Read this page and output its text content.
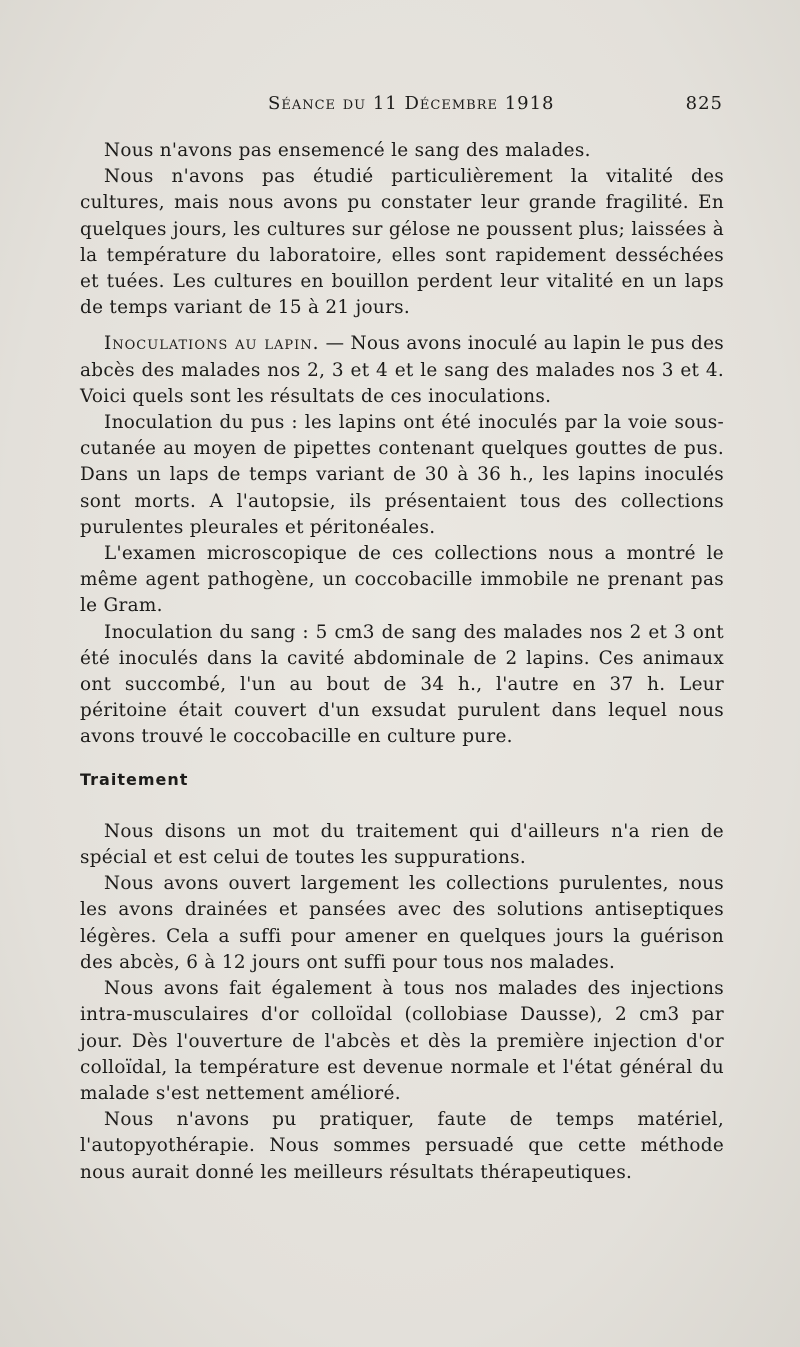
Séance du 11 Décembre 1918	825

Nous n'avons pas ensemencé le sang des malades.

Nous n'avons pas étudié particulièrement la vitalité des cultures, mais nous avons pu constater leur grande fragilité. En quelques jours, les cultures sur gélose ne poussent plus; laissées à la température du laboratoire, elles sont rapidement desséchées et tuées. Les cultures en bouillon perdent leur vitalité en un laps de temps variant de 15 à 21 jours.

Inoculations au lapin. — Nous avons inoculé au lapin le pus des abcès des malades nos 2, 3 et 4 et le sang des malades nos 3 et 4. Voici quels sont les résultats de ces inoculations.

Inoculation du pus : les lapins ont été inoculés par la voie sous-cutanée au moyen de pipettes contenant quelques gouttes de pus. Dans un laps de temps variant de 30 à 36 h., les lapins inoculés sont morts. A l'autopsie, ils présentaient tous des collections purulentes pleurales et péritonéales.

L'examen microscopique de ces collections nous a montré le même agent pathogène, un coccobacille immobile ne prenant pas le Gram.

Inoculation du sang : 5 cm3 de sang des malades nos 2 et 3 ont été inoculés dans la cavité abdominale de 2 lapins. Ces animaux ont succombé, l'un au bout de 34 h., l'autre en 37 h. Leur péritoine était couvert d'un exsudat purulent dans lequel nous avons trouvé le coccobacille en culture pure.

Traitement

Nous disons un mot du traitement qui d'ailleurs n'a rien de spécial et est celui de toutes les suppurations.

Nous avons ouvert largement les collections purulentes, nous les avons drainées et pansées avec des solutions antiseptiques légères. Cela a suffi pour amener en quelques jours la guérison des abcès, 6 à 12 jours ont suffi pour tous nos malades.

Nous avons fait également à tous nos malades des injections intra-musculaires d'or colloïdal (collobiase Dausse), 2 cm3 par jour. Dès l'ouverture de l'abcès et dès la première injection d'or colloïdal, la température est devenue normale et l'état général du malade s'est nettement amélioré.

Nous n'avons pu pratiquer, faute de temps matériel, l'autopyothérapie. Nous sommes persuadé que cette méthode nous aurait donné les meilleurs résultats thérapeutiques.
